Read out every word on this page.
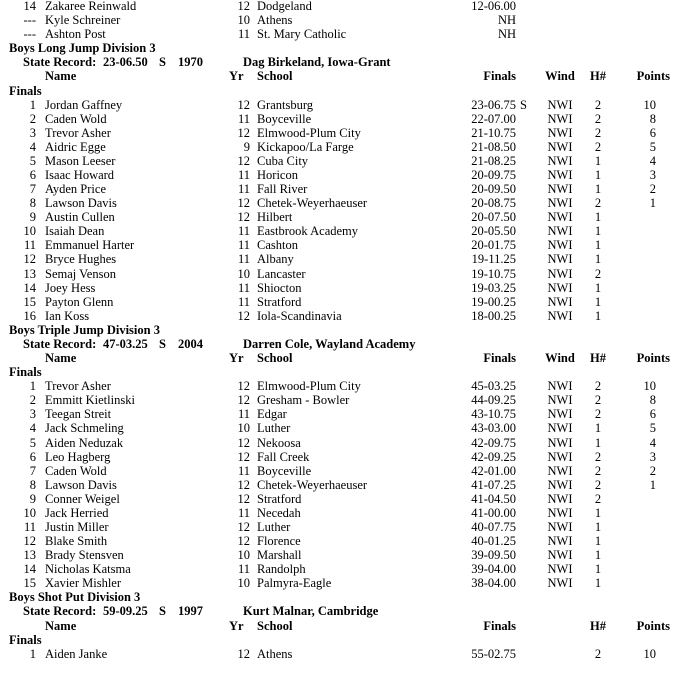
14 Zakaree Reinwald	12 Dodgeland	12-06.00
--- Kyle Schreiner	10 Athens	NH
--- Ashton Post	11 St. Mary Catholic	NH
Boys Long Jump Division 3
State Record: 23-06.50 S 1970	Dag Birkeland, Iowa-Grant
Name	Yr	School	Finals	Wind	H#	Points
Finals
1 Jordan Gaffney	12 Grantsburg	23-06.75 S	NWI	2	10
2 Caden Wold	11 Boyceville	22-07.00	NWI	2	8
3 Trevor Asher	12 Elmwood-Plum City	21-10.75	NWI	2	6
4 Aidric Egge	9 Kickapoo/La Farge	21-08.50	NWI	2	5
5 Mason Leeser	12 Cuba City	21-08.25	NWI	1	4
6 Isaac Howard	11 Horicon	20-09.75	NWI	1	3
7 Ayden Price	11 Fall River	20-09.50	NWI	1	2
8 Lawson Davis	12 Chetek-Weyerhaeuser	20-08.75	NWI	2	1
9 Austin Cullen	12 Hilbert	20-07.50	NWI	1
10 Isaiah Dean	11 Eastbrook Academy	20-05.50	NWI	1
11 Emmanuel Harter	11 Cashton	20-01.75	NWI	1
12 Bryce Hughes	11 Albany	19-11.25	NWI	1
13 Semaj Venson	10 Lancaster	19-10.75	NWI	2
14 Joey Hess	11 Shiocton	19-03.25	NWI	1
15 Payton Glenn	11 Stratford	19-00.25	NWI	1
16 Ian Koss	12 Iola-Scandinavia	18-00.25	NWI	1
Boys Triple Jump Division 3
State Record: 47-03.25 S 2004	Darren Cole, Wayland Academy
Name	Yr	School	Finals	Wind	H#	Points
Finals
1 Trevor Asher	12 Elmwood-Plum City	45-03.25	NWI	2	10
2 Emmitt Kietlinski	12 Gresham - Bowler	44-09.25	NWI	2	8
3 Teegan Streit	11 Edgar	43-10.75	NWI	2	6
4 Jack Schmeling	10 Luther	43-03.00	NWI	1	5
5 Aiden Neduzak	12 Nekoosa	42-09.75	NWI	1	4
6 Leo Hagberg	12 Fall Creek	42-09.25	NWI	2	3
7 Caden Wold	11 Boyceville	42-01.00	NWI	2	2
8 Lawson Davis	12 Chetek-Weyerhaeuser	41-07.25	NWI	2	1
9 Conner Weigel	12 Stratford	41-04.50	NWI	2
10 Jack Herried	11 Necedah	41-00.00	NWI	1
11 Justin Miller	12 Luther	40-07.75	NWI	1
12 Blake Smith	12 Florence	40-01.25	NWI	1
13 Brady Stensven	10 Marshall	39-09.50	NWI	1
14 Nicholas Katsma	11 Randolph	39-04.00	NWI	1
15 Xavier Mishler	10 Palmyra-Eagle	38-04.00	NWI	1
Boys Shot Put Division 3
State Record: 59-09.25 S 1997	Kurt Malnar, Cambridge
Name	Yr	School	Finals	H#	Points
Finals
1 Aiden Janke	12 Athens	55-02.75	2	10
